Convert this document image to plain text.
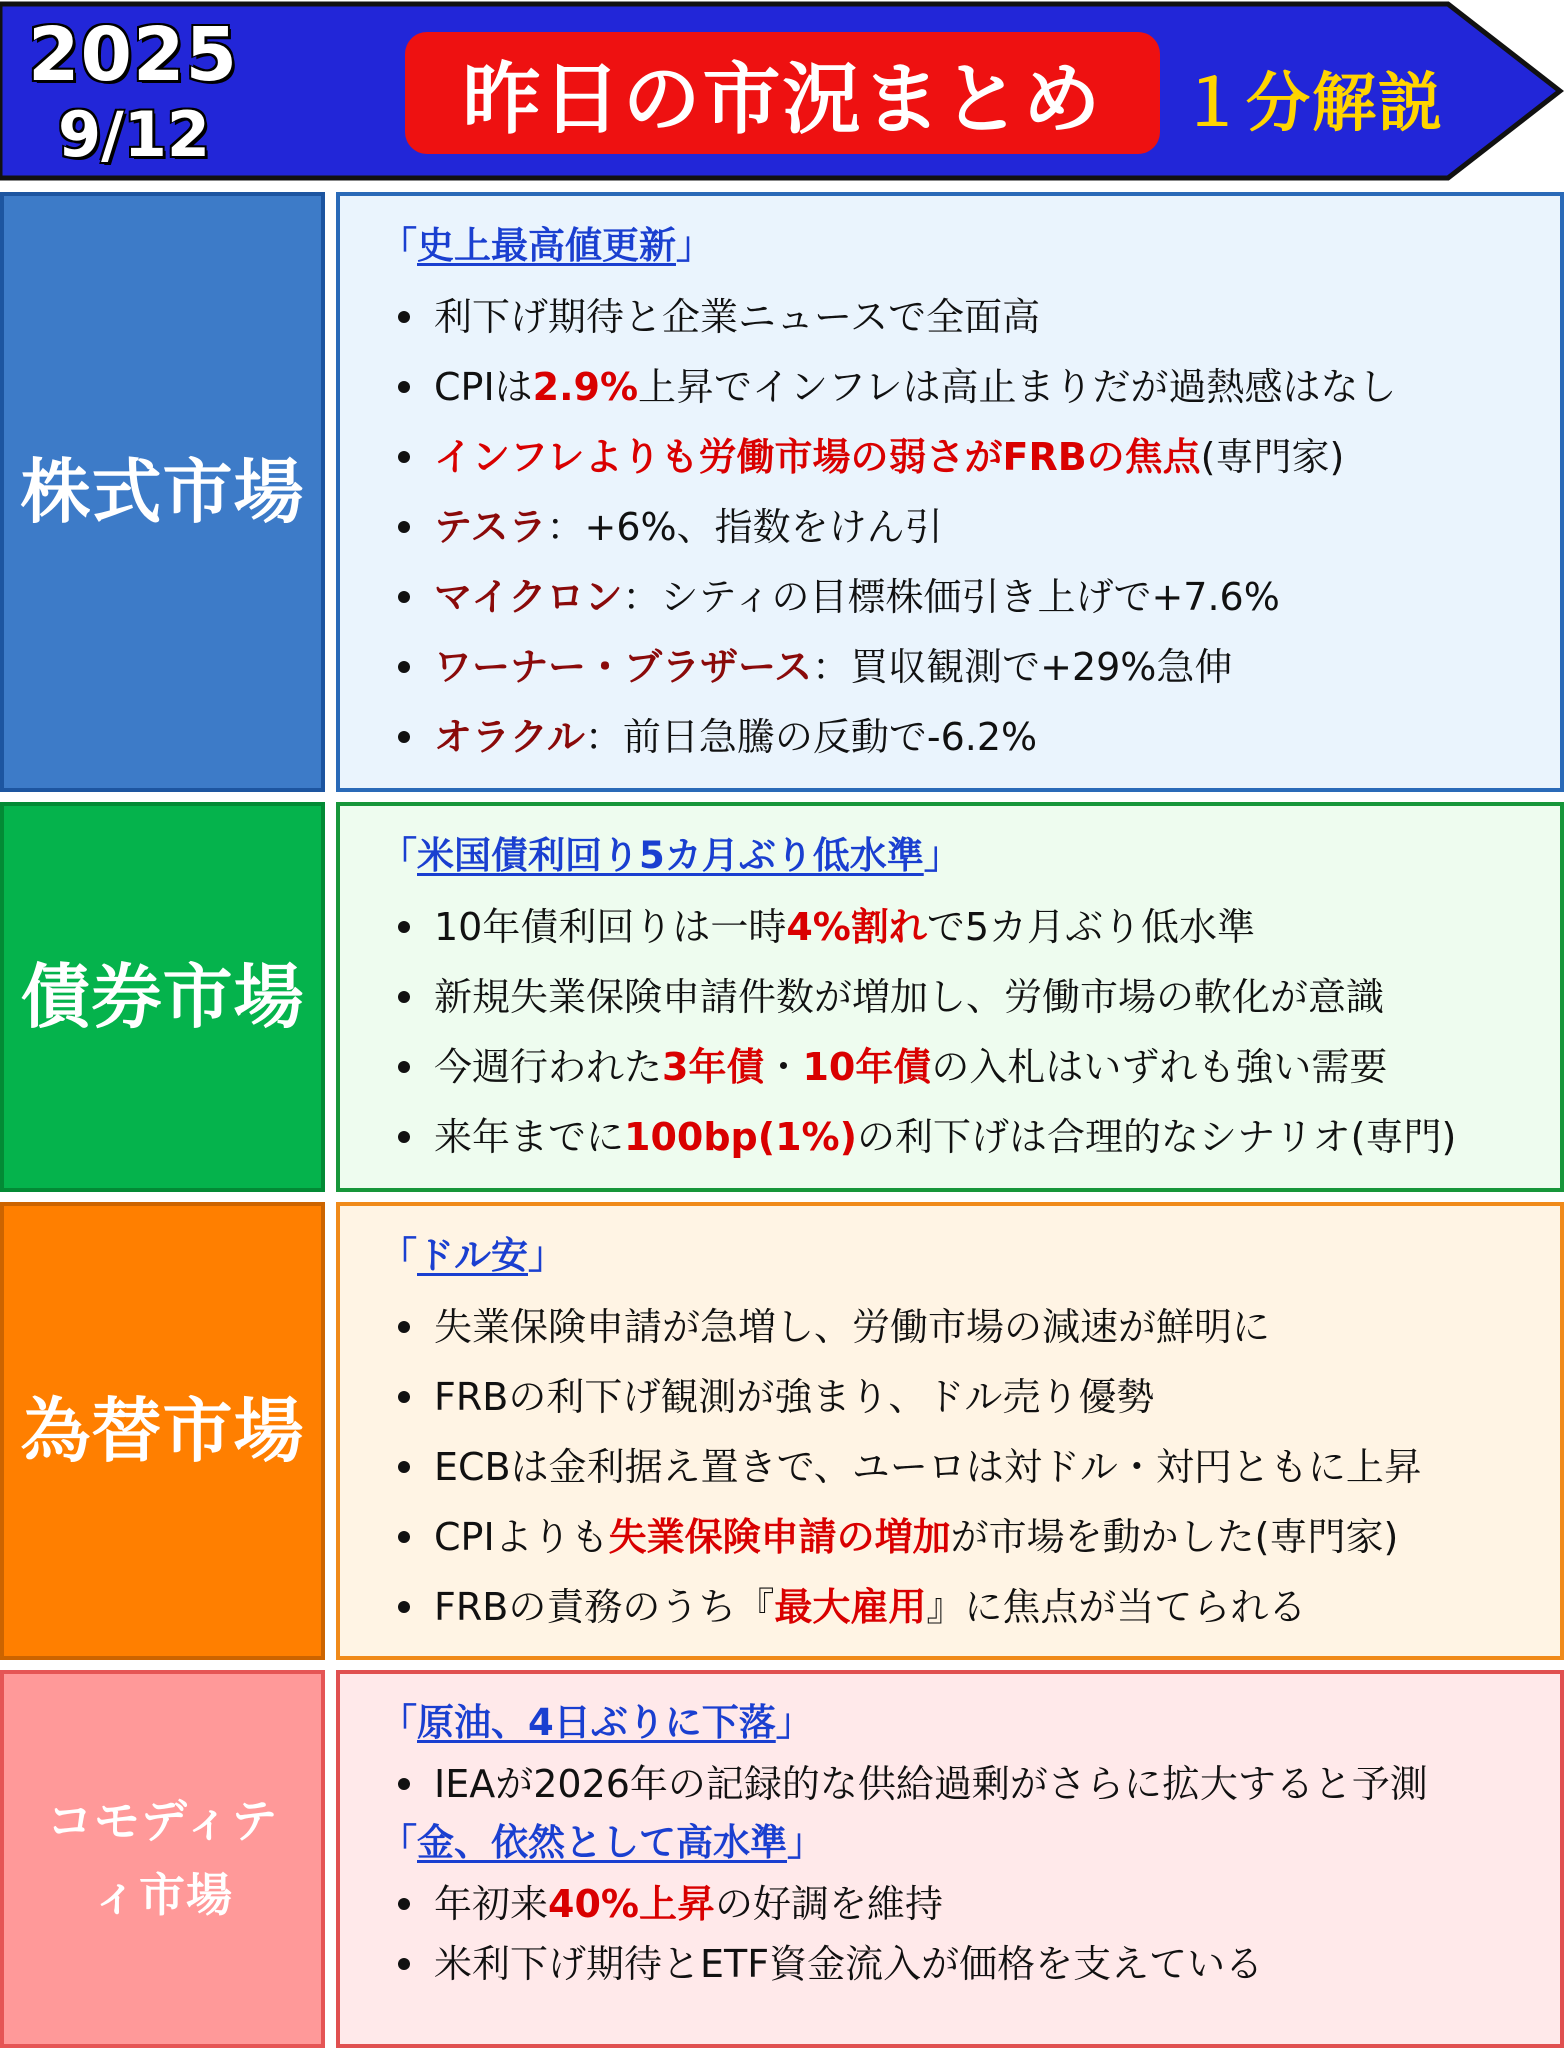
2025
9/12	昨日の市況まとめ １分解説
株式市場
「史上最高値更新」
利下げ期待と企業ニュースで全面高
CPIは 2.9% 上昇でインフレは高止まりだが過熱感はなし
インフレよりも労働市場の弱さがFRBの焦点 (専門家)
テスラ ：+6%、指数をけん引
マイクロン ：シティの目標株価引き上げで+7.6%
ワーナー・ブラザース ：買収観測で+29%急伸
オラクル ：前日急騰の反動で-6.2%
債券市場
「米国債利回り5カ月ぶり低水準」
10年債利回りは一時 4%割れ で5カ月ぶり低水準
新規失業保険申請件数が増加し、労働市場の軟化が意識
今週行われた 3年債 ・ 10年債 の入札はいずれも強い需要
来年までに 100bp(1%) の利下げは合理的なシナリオ(専門)
為替市場
「ドル安」
失業保険申請が急増し、労働市場の減速が鮮明に
FRBの利下げ観測が強まり、ドル売り優勢
ECBは金利据え置きで、ユーロは対ドル・対円ともに上昇
CPIよりも 失業保険申請の増加 が市場を動かした(専門家)
FRBの責務のうち『 最大雇用 』に焦点が当てられる
コモディテ
ィ市場
「原油、4日ぶりに下落」
IEAが2026年の記録的な供給過剰がさらに拡大すると予測
「金、依然として高水準」
年初来 40%上昇 の好調を維持
米利下げ期待とETF資金流入が価格を支えている
